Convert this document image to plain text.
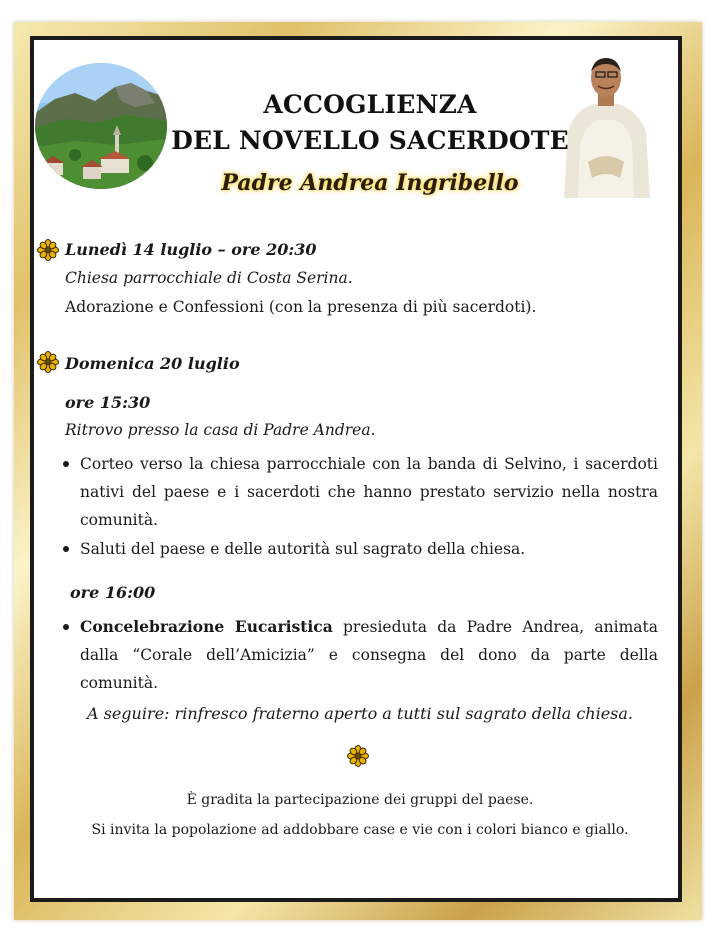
ACCOGLIENZA
DEL NOVELLO SACERDOTE
Padre Andrea Ingribello
Lunedì 14 luglio – ore 20:30
Chiesa parrocchiale di Costa Serina.
Adorazione e Confessioni (con la presenza di più sacerdoti).
Domenica 20 luglio
ore 15:30
Ritrovo presso la casa di Padre Andrea.
Corteo verso la chiesa parrocchiale con la banda di Selvino, i sacerdoti nativi del paese e i sacerdoti che hanno prestato servizio nella nostra comunità.
Saluti del paese e delle autorità sul sagrato della chiesa.
ore 16:00
Concelebrazione Eucaristica presieduta da Padre Andrea, animata dalla “Corale dell’Amicizia” e consegna del dono da parte della comunità.
A seguire: rinfresco fraterno aperto a tutti sul sagrato della chiesa.
È gradita la partecipazione dei gruppi del paese.
Si invita la popolazione ad addobbare case e vie con i colori bianco e giallo.
